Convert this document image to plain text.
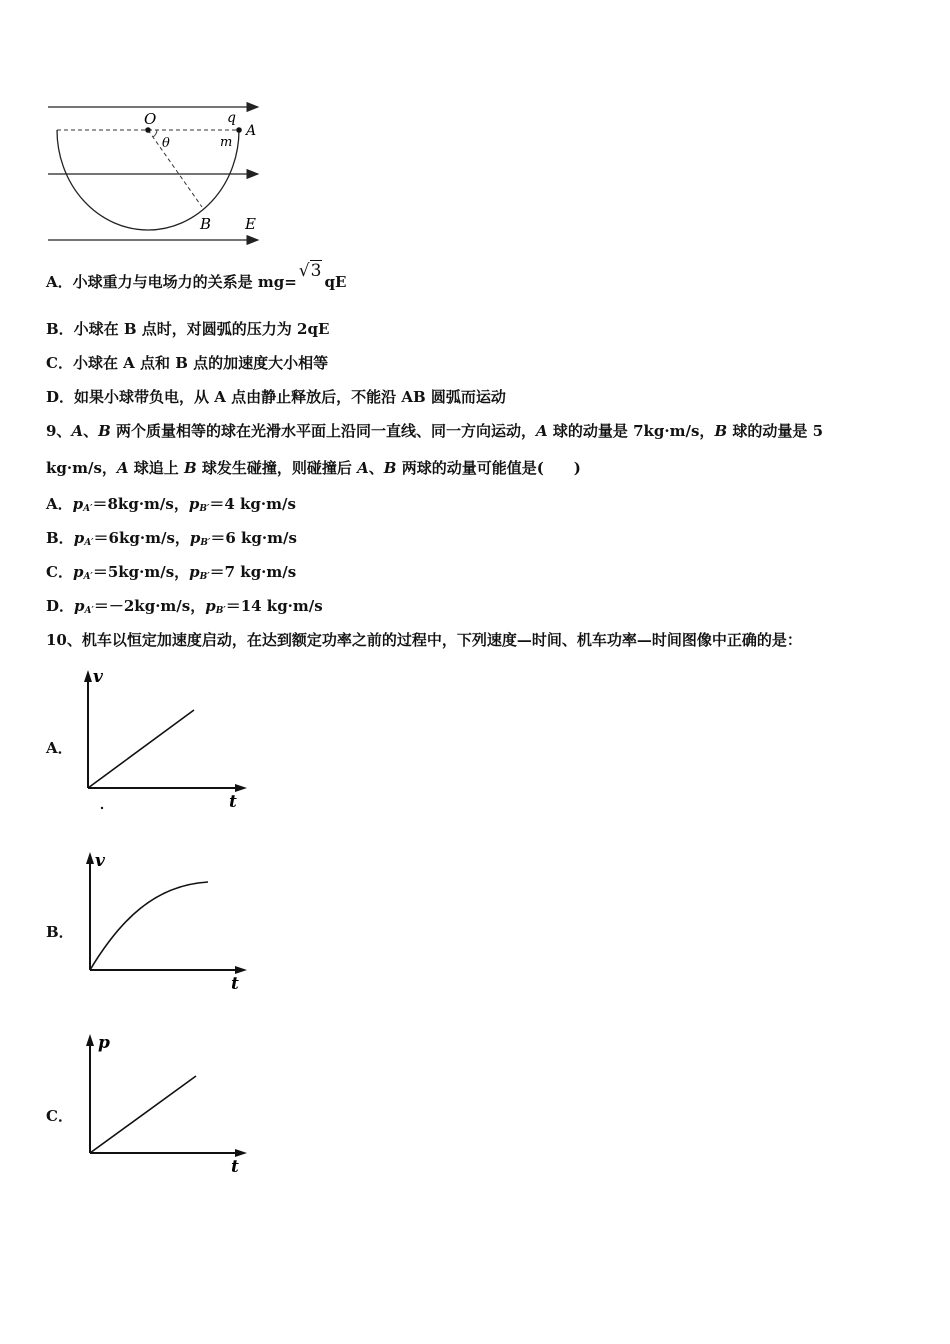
O	q
A
θ	m
B E
A．小球重力与电场力的关系是 mg=√3qE
B．小球在 B 点时，对圆弧的压力为 2qE
C．小球在 A 点和 B 点的加速度大小相等
D．如果小球带负电，从 A 点由静止释放后，不能沿 AB 圆弧而运动
9、A、B 两个质量相等的球在光滑水平面上沿同一直线、同一方向运动，A 球的动量是 7kg·m/s，B 球的动量是 5
kg·m/s，A 球追上 B 球发生碰撞，则碰撞后 A、B 两球的动量可能值是(　　)
A．$p_{A'}=8kg\cdot m/s$，$p_{B'}=4$ kg·m/s
B．$p_{A'}=6kg\cdot m/s$，$p_{B'}=6$ kg·m/s
C．$p_{A'}=5kg\cdot m/s$，$p_{B'}=7$ kg·m/s
D．$p_{A'}=-2kg\cdot m/s$，$p_{B'}=14$ kg·m/s
10、机车以恒定加速度启动，在达到额定功率之前的过程中，下列速度—时间、机车功率—时间图像中正确的是：
A．
v
t
B．
v
t
C．
p
t
